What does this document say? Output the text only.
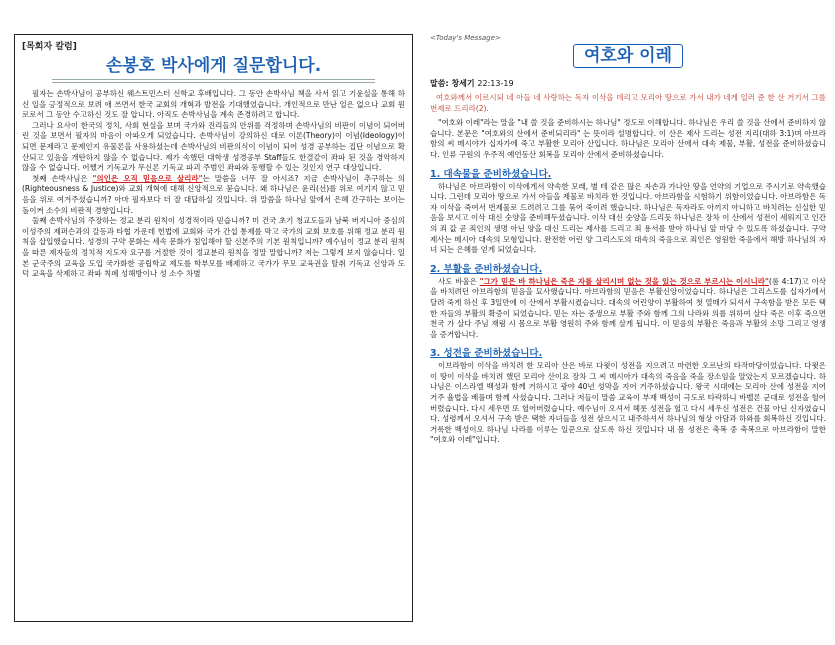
[목회자 칼럼]
손봉호 박사에게 질문합니다.

필자는 손박사님이 공부하신 웨스트민스터 신학교 후배입니다. 그 동안 손박사님 책을 사서 읽고 기윤실을 통해 하신 일을 긍정적으로 보려 애 쓰면서 한국 교회의 개혁과 발전을 기대했었습니다. 개인적으로 만난 일은 없으나 교회 원로로서 그 동안 수고하신 것도 잘 압니다. 아직도 손박사님을 계속 존경하려고 합니다.

그러나 요사이 한국의 정치, 사회 현실을 보며 국가와 진리들의 안위를 걱정하며 손박사님의 비판이 이념이 되어버린 것을 보면서 필자의 마음이 아파오게 되었습니다. 손박사님이 강의하신 대로 이론(Theory)이 이념(Ideology)이 되면 문제라고 문제인지 유물론을 사용하셨는데 손박사님의 비판의식이 이념이 되어 성경 공부하는 집단 이념으로 확산되고 있음을 개탄하지 않을 수 없습니다. 제가 속했던 대학생 성경공부 Staff들도 한결같이 좌파 된 것을 경악하지 않을 수 없습니다. 어쨌거 기독교가 무신론 기독교 파괴 주범인 좌파와 동행할 수 있는 것인지 연구 대상입니다.

첫째 손박사님은 "의인은 오직 믿음으로 살리라"는 말씀을 너무 잘 아시죠? 지금 손박사님이 추구하는 의(Righteousness & Justice)와 교회 개혁에 대해 신앙적으로 묻습니다. 왜 하나님은 윤리(선)를 위로 여기지 않고 믿음을 위로 여겨주셨습니까? 아마 필자보다 더 잘 대답하실 것입니다. 위 말씀을 하나님 앞에서 은혜 간구하는 보이는 돌이켜 소수의 비판적 경향입니다.

둘째 손박사님의 주장하는 정교 분리 원칙이 성경적이라 믿습니까? 미 건국 초기 청교도들과 남북 버지니아 중심의 이성주의 제퍼슨과의 갈등과 타협 가운데 헌법에 교회와 국가 간섭 통제를 막고 국가의 교회 보호를 위해 정교 분리 원칙을 삽입했습니다. 성경의 구약 문화는 세속 문화가 침입해야 할 신본주의 기본 원칙입니까? 예수님이 정교 분리 원칙을 따른 제자들의 정치적 지도자 요구를 거절한 것이 정교분리 원칙을 정말 말합니까? 저는 그렇게 보지 않습니다. 일본 군국주의 교육을 도입 국가화한 공립학교 제도를 학부모를 배제하고 국가가 무모 교육권을 탈취 기독교 신앙과 도덕 교육을 삭제하고 좌파 칙폐 성해방이나 성 소수 차별

<Today's Message>
여호와 이레
말씀: 창세기 22:13-19
여호와께서 이르시되 네 아들 네 사랑하는 독자 이삭을 데리고 모리아 땅으로 가서 내가 네게 일러 준 한 산 거기서 그를 번제로 드리라(2).

"여호와 이레"라는 말을 "내 쓸 것을 준비하시는 하나님" 정도로 이해합니다. 하나님은 우리 쓸 것을 산에서 준비하지 않습니다. 본문은 "여호와의 산에서 준비되리라" 는 뜻이라 설명합니다. 이 산은 제사 드리는 성전 지리(대하 3:1)며 아브라함의 씨 메시야가 십자가에 죽고 부활한 모리아 산입니다. 하나님은 모리아 산에서 대속 제물, 부활, 성전을 준비하셨습니다. 인류 구원의 우주적 예언동산 회복을 모리아 산에서 준비하셨습니다.

1. 대속물을 준비하셨습니다.

하나님은 아브라함이 이삭에게서 약속한 모래, 별 테 같은 많은 자손과 가나안 땅을 언약의 기업으로 주시기로 약속했습니다. 그런데 모리아 땅으로 가서 아들을 제물로 바치라 한 것입니다. 아브라함을 시험하기 위함이었습니다. 아브라함은 독자 이삭을 죽여서 번제물로 드려려고 그를 묶어 죽이려 했습니다. 하나님은 독자라도 아끼지 아니하고 바치려는 신실한 믿음을 보시고 이삭 대신 숫양을 준비해두셨습니다. 이삭 대신 숫양을 드리듯 하나님은 장차 이 산에서 성전이 세워지고 인간의 죄 값 곧 죄인의 생명 아닌 양을 대신 드리는 제사를 드리고 죄 용서를 받아 하나님 앞 마당 수 있도록 하셨습니다. 구약 제사는 메시아 대속의 모형입니다. 완전한 어린 양 그리스도의 대속의 죽음으로 죄인은 영원한 죽음에서 해방 하나님의 자녀 되는 은혜를 얻게 되었습니다.

2. 부활을 준비하셨습니다.

사도 바울은 "그가 믿은 바 하나님은 죽은 자를 살리시며 없는 것을 있는 것으로 부르시는 이시니라"(롬 4:17)고 이삭을 바치려던 아브라함의 믿음을 묘사했습니다. 아브라함의 믿음은 부활신앙이었습니다. 하나님은 그리스도를 십자가에서 달려 죽게 하신 후 3일만에 이 산에서 부활시켰습니다. 대속의 어린양이 부활하여 첫 열매가 되셔서 구속함을 받은 모든 택한 자들의 부활의 확증이 되었습니다. 믿는 자는 중생으로 부활 주와 함께 그의 나라와 의를 위하여 살다 죽은 이후 죽으면 천국 가 살다 주님 재림 시 몸으로 부활 영원히 주와 함께 살게 됩니다. 이 믿음의 부활은 죽음과 부활의 소망 그리고 영생을 증거합니다.

3. 성전을 준비하셨습니다.

이브라함이 이삭을 바치려 한 모리아 산은 바로 다윗이 성전을 지으려고 마련한 오르난의 타작마당이었습니다. 다윗은 이 땅이 이삭을 바치려 했던 모리아 산이요 장차 그 씨 메시아가 대속의 죽음을 죽을 장소임을 알았는지 모르겠습니다. 하나님은 이스라엘 백성과 함께 거하시고 광야 40년 성막을 지어 거주하셨습니다. 왕국 시대에는 모리아 산에 성전을 지어 거주 율법을 베풀며 함께 사셨습니다. 그러나 저들이 말씀 교육이 부재 백성이 극도로 타락하니 바벨론 군대로 성전을 헐어버렸습니다. 다시 세우면 또 헐어버렸습니다. 예수님이 오셔서 헤롯 성전을 헐고 다시 세우신 성전은 건물 아닌 신자였습니다. 성령께서 오셔서 구속 받은 택한 자녀들을 성전 삼으시고 내주하셔서 하나님의 형상 아담과 하와를 회복하신 것입니다. 거룩한 백성이오 하나님 나라를 이루는 일꾼으로 살도록 하신 것입니다 내 몸 성전은 축복 중 축복으로 아브라함이 말한 "여호와 이레"입니다.
